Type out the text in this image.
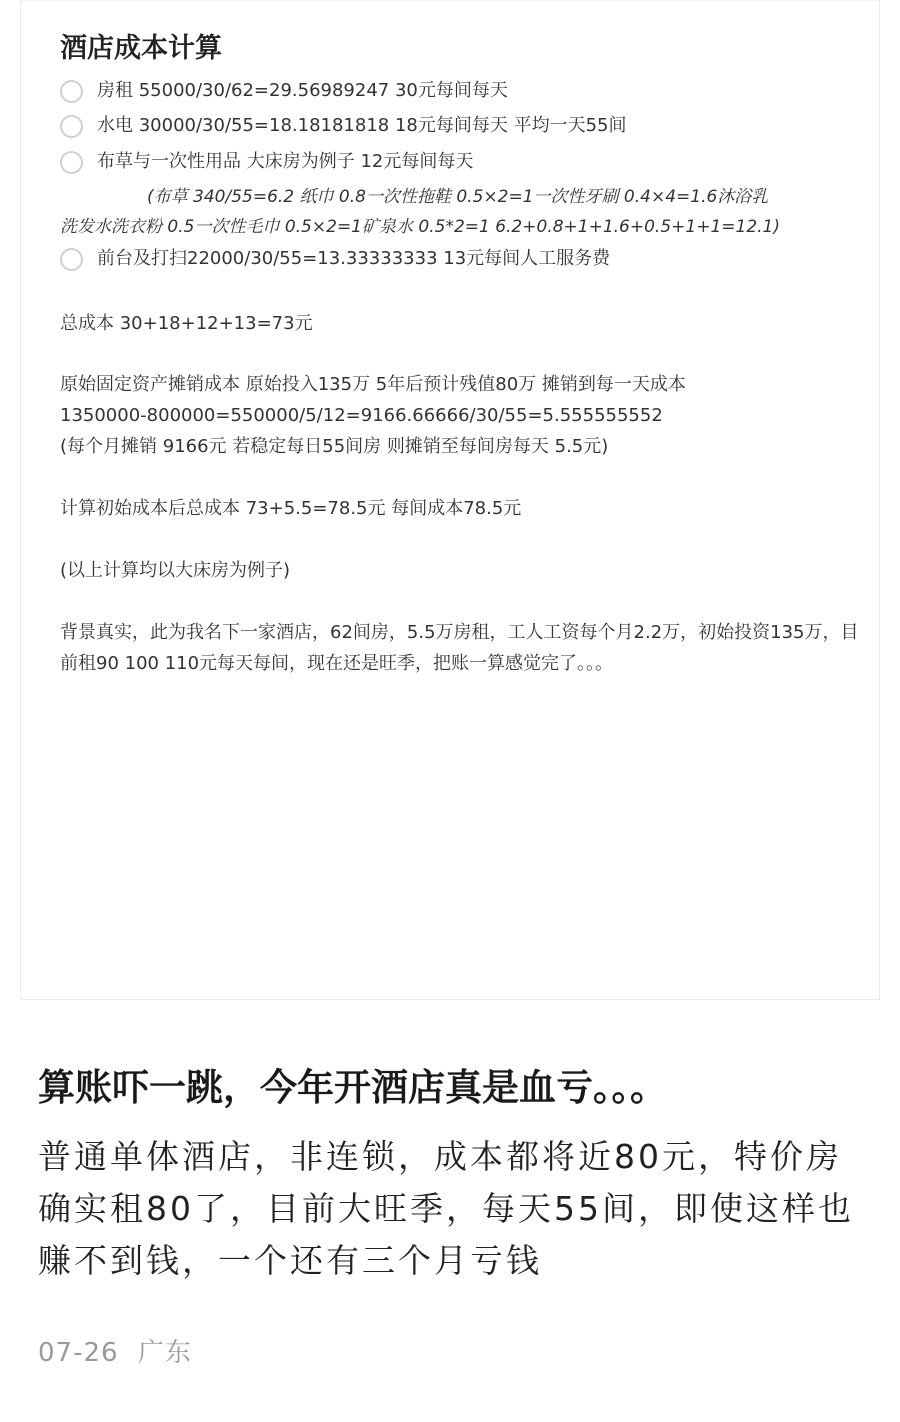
酒店成本计算
房租 55000/30/62=29.56989247 30元每间每天
水电 30000/30/55=18.18181818 18元每间每天 平均一天55间
布草与一次性用品 大床房为例子 12元每间每天
(布草 340/55=6.2 纸巾 0.8一次性拖鞋 0.5×2=1一次性牙刷 0.4×4=1.6沐浴乳
洗发水洗衣粉 0.5一次性毛巾 0.5×2=1矿泉水 0.5*2=1 6.2+0.8+1+1.6+0.5+1+1=12.1)
前台及打扫22000/30/55=13.33333333 13元每间人工服务费
总成本 30+18+12+13=73元
原始固定资产摊销成本 原始投入135万 5年后预计残值80万 摊销到每一天成本
1350000-800000=550000/5/12=9166.66666/30/55=5.555555552
(每个月摊销 9166元 若稳定每日55间房 则摊销至每间房每天 5.5元)
计算初始成本后总成本 73+5.5=78.5元 每间成本78.5元
(以上计算均以大床房为例子)
背景真实，此为我名下一家酒店，62间房，5.5万房租，工人工资每个月2.2万，初始投资135万，目前租90 100 110元每天每间，现在还是旺季，把账一算感觉完了。。。
算账吓一跳，今年开酒店真是血亏。。。
普通单体酒店，非连锁，成本都将近80元，特价房确实租80了，目前大旺季，每天55间，即使这样也赚不到钱，一个还有三个月亏钱
07-26 广东
